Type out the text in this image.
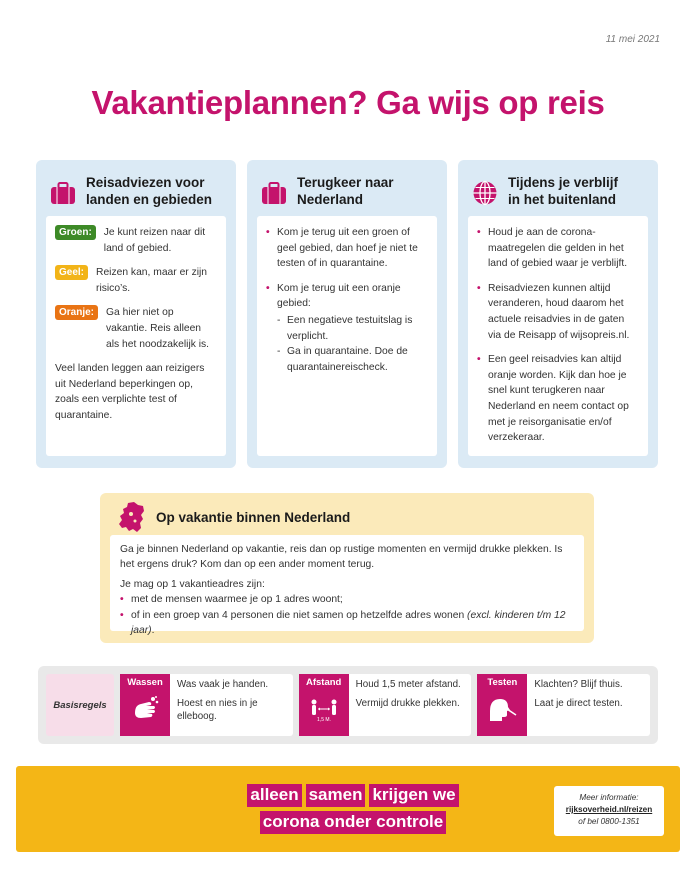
11 mei 2021
Vakantieplannen? Ga wijs op reis
Reisadviezen voor
landen en gebieden
Groen:	Je kunt reizen naar dit land of gebied.
Geel:	Reizen kan, maar er zijn risico’s.
Oranje:	Ga hier niet op vakantie. Reis alleen als het noodzakelijk is.

Veel landen leggen aan reizigers uit Nederland beperkingen op, zoals een verplichte test of quarantaine.

Terugkeer naar
Nederland
• Kom je terug uit een groen of geel gebied, dan hoef je niet te testen of in quarantaine.
• Kom je terug uit een oranje gebied:
- Een negatieve testuitslag is verplicht.
- Ga in quarantaine. Doe de quarantainereischeck.
Tijdens je verblijf
in het buitenland
• Houd je aan de corona-maatregelen die gelden in het land of gebied waar je verblijft.
• Reisadviezen kunnen altijd veranderen, houd daarom het actuele reisadvies in de gaten via de Reisapp of wijsopreis.nl.
• Een geel reisadvies kan altijd oranje worden. Kijk dan hoe je snel kunt terugkeren naar Nederland en neem contact op met je reisorganisatie en/of verzekeraar.
Op vakantie binnen Nederland

Ga je binnen Nederland op vakantie, reis dan op rustige momenten en vermijd drukke plekken. Is het ergens druk? Kom dan op een ander moment terug.

Je mag op 1 vakantieadres zijn:

• met de mensen waarmee je op 1 adres woont;
• of in een groep van 4 personen die niet samen op hetzelfde adres wonen (excl. kinderen t/m 12 jaar).
Basisregels
Wassen Was vaak je handen.

Hoest en nies in je elleboog.

Afstand
1,5 M.

Houd 1,5 meter afstand.

Vermijd drukke plekken.

Testen Klachten? Blijf thuis.

Laat je direct testen.

alleen samen krijgen we
corona onder controle
Meer informatie:
rijksoverheid.nl/reizen
of bel 0800-1351
